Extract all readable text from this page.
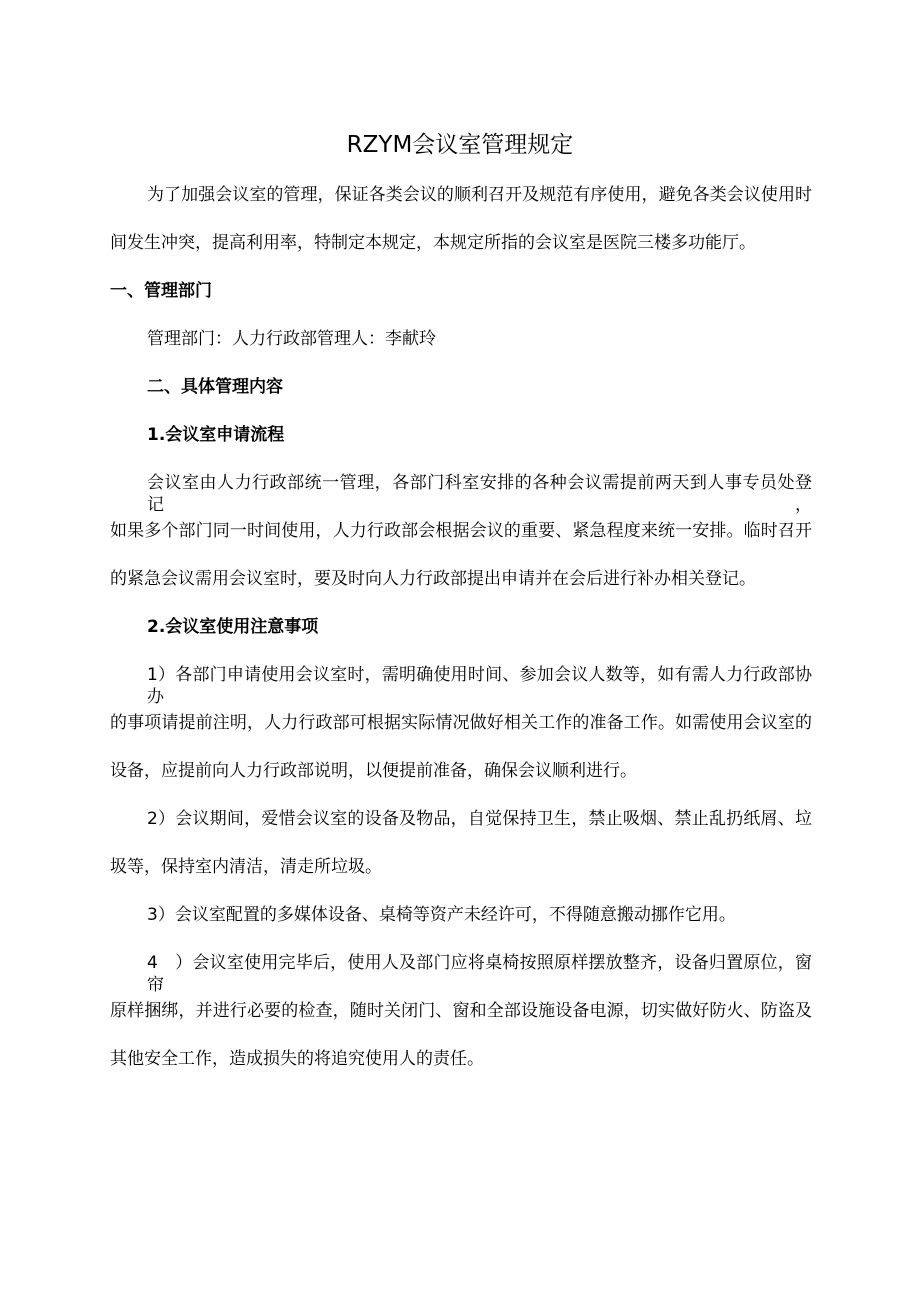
RZYM会议室管理规定
为了加强会议室的管理，保证各类会议的顺利召开及规范有序使用，避免各类会议使用时
间发生冲突，提高利用率，特制定本规定，本规定所指的会议室是医院三楼多功能厅。
一、管理部门
管理部门：人力行政部管理人：李献玲
二、具体管理内容
1.会议室申请流程
会议室由人力行政部统一管理，各部门科室安排的各种会议需提前两天到人事专员处登记，
如果多个部门同一时间使用，人力行政部会根据会议的重要、紧急程度来统一安排。临时召开
的紧急会议需用会议室时，要及时向人力行政部提出申请并在会后进行补办相关登记。
2.会议室使用注意事项
1）各部门申请使用会议室时，需明确使用时间、参加会议人数等，如有需人力行政部协办
的事项请提前注明，人力行政部可根据实际情况做好相关工作的准备工作。如需使用会议室的
设备，应提前向人力行政部说明，以便提前准备，确保会议顺利进行。
2）会议期间，爱惜会议室的设备及物品，自觉保持卫生，禁止吸烟、禁止乱扔纸屑、垃
圾等，保持室内清洁，清走所垃圾。
3）会议室配置的多媒体设备、桌椅等资产未经许可，不得随意搬动挪作它用。
4　）会议室使用完毕后，使用人及部门应将桌椅按照原样摆放整齐，设备归置原位，窗帘
原样捆绑，并进行必要的检查，随时关闭门、窗和全部设施设备电源，切实做好防火、防盗及
其他安全工作，造成损失的将追究使用人的责任。
